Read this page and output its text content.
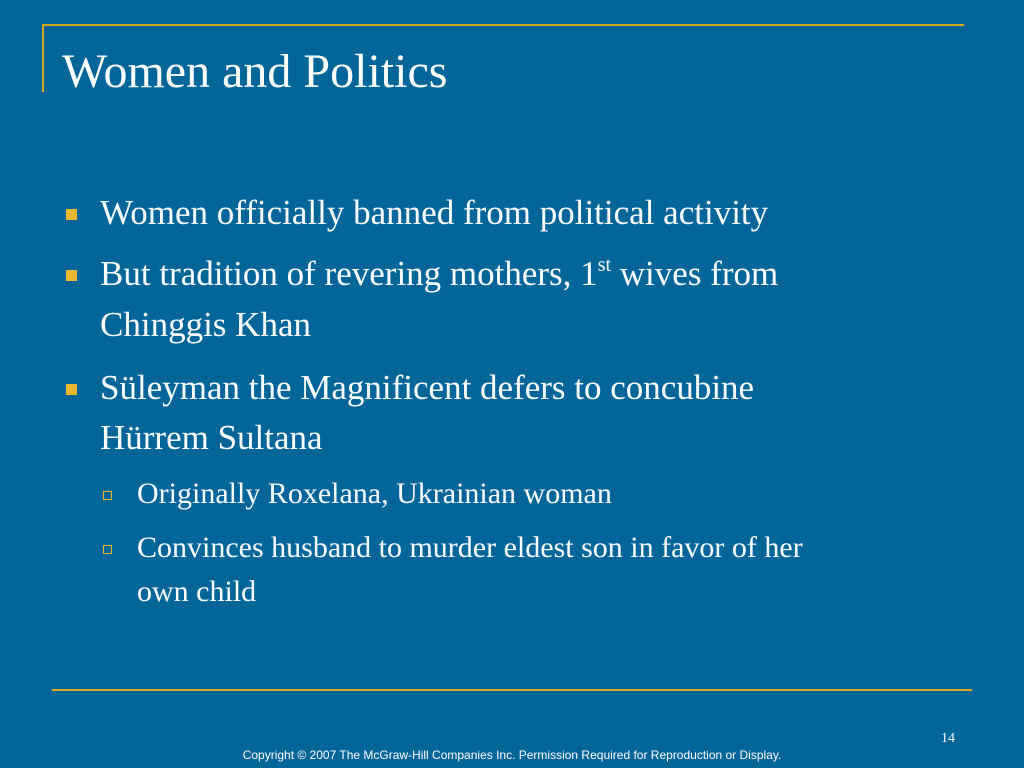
Women and Politics
Women officially banned from political activity
But tradition of revering mothers, 1st wives from
Chinggis Khan
Süleyman the Magnificent defers to concubine
Hürrem Sultana
Originally Roxelana, Ukrainian woman
Convinces husband to murder eldest son in favor of her
own child
14
Copyright © 2007 The McGraw-Hill Companies Inc. Permission Required for Reproduction or Display.
